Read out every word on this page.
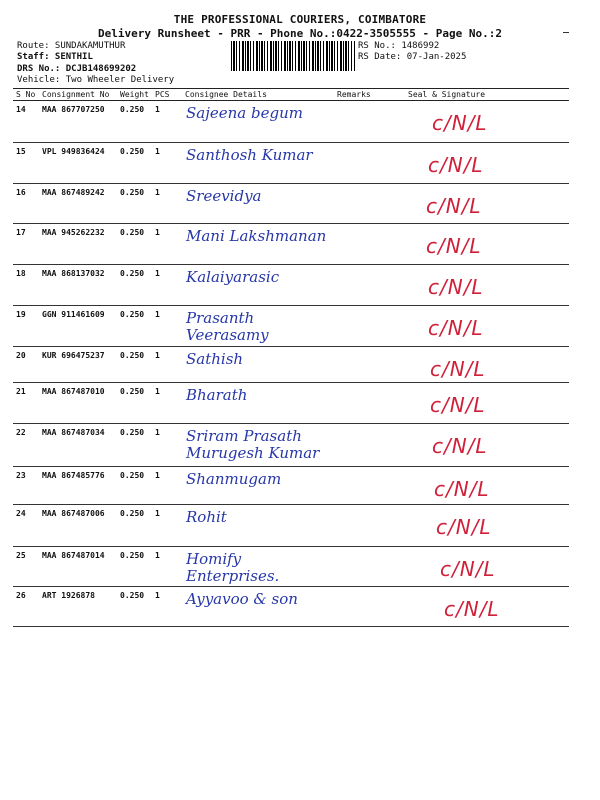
THE PROFESSIONAL COURIERS, COIMBATORE
Delivery Runsheet - PRR - Phone No.:0422-3505555 - Page No.:2
Route: SUNDAKAMUTHUR
Staff: SENTHIL
DRS No.: DCJB148699202
Vehicle: Two Wheeler Delivery
RS No.: 1486992
RS Date: 07-Jan-2025
S No	Consignment No	Weight	PCS	Consignee Details	Remarks	Seal & Signature

14	MAA 867707250	0.250	1	Sajeena begum		c/N/L

15	VPL 949836424	0.250	1	Santhosh Kumar		c/N/L

16	MAA 867489242	0.250	1	Sreevidya		c/N/L

17	MAA 945262232	0.250	1	Mani Lakshmanan		c/N/L

18	MAA 868137032	0.250	1	Kalaiyarasic		c/N/L

19	GGN 911461609	0.250	1	Prasanth Veerasamy		c/N/L

20	KUR 696475237	0.250	1	Sathish		c/N/L

21	MAA 867487010	0.250	1	Bharath		c/N/L

22	MAA 867487034	0.250	1	Sriram Prasath Murugesh Kumar		c/N/L

23	MAA 867485776	0.250	1	Shanmugam		c/N/L

24	MAA 867487006	0.250	1	Rohit		c/N/L

25	MAA 867487014	0.250	1	Homify Enterprises.		c/N/L

26	ART 1926878	0.250	1	Ayyavoo & son		c/N/L
